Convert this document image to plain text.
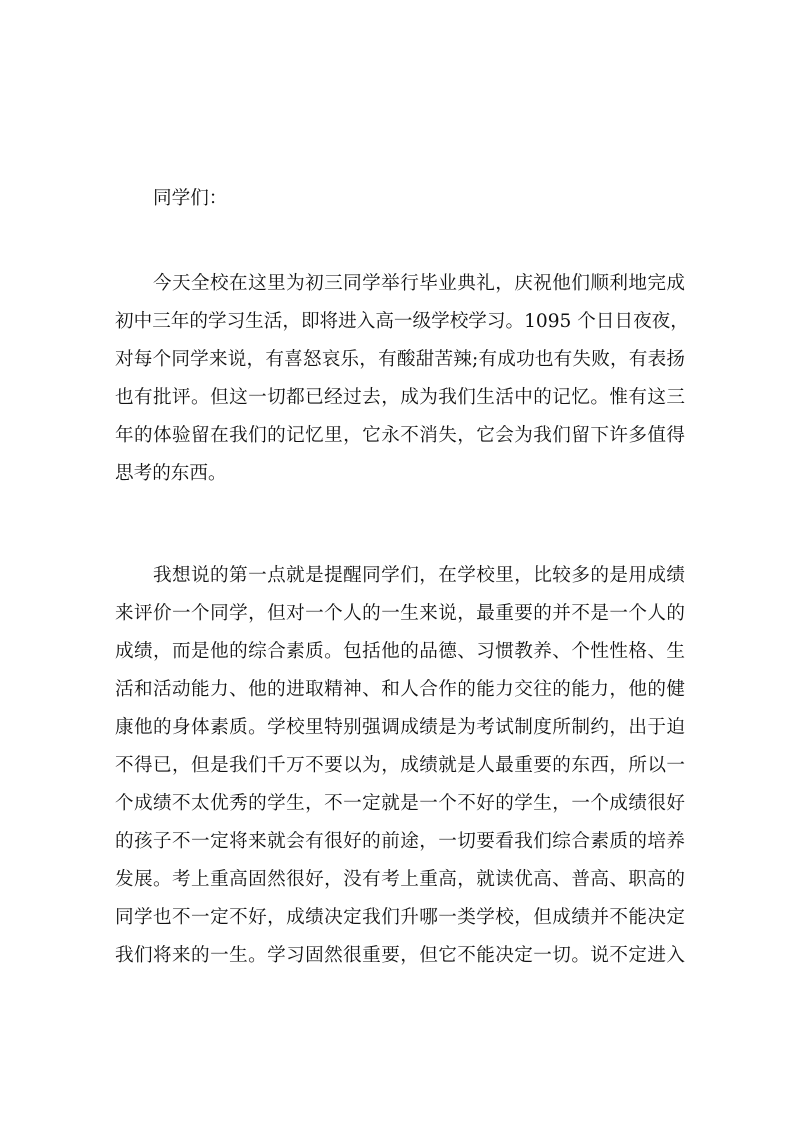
同学们：
今天全校在这里为初三同学举行毕业典礼，庆祝他们顺利地完成
初中三年的学习生活，即将进入高一级学校学习。1095 个日日夜夜，
对每个同学来说，有喜怒哀乐，有酸甜苦辣;有成功也有失败，有表扬
也有批评。但这一切都已经过去，成为我们生活中的记忆。惟有这三
年的体验留在我们的记忆里，它永不消失，它会为我们留下许多值得
思考的东西。
我想说的第一点就是提醒同学们，在学校里，比较多的是用成绩
来评价一个同学，但对一个人的一生来说，最重要的并不是一个人的
成绩，而是他的综合素质。包括他的品德、习惯教养、个性性格、生
活和活动能力、他的进取精神、和人合作的能力交往的能力，他的健
康他的身体素质。学校里特别强调成绩是为考试制度所制约，出于迫
不得已，但是我们千万不要以为，成绩就是人最重要的东西，所以一
个成绩不太优秀的学生，不一定就是一个不好的学生，一个成绩很好
的孩子不一定将来就会有很好的前途，一切要看我们综合素质的培养
发展。考上重高固然很好，没有考上重高，就读优高、普高、职高的
同学也不一定不好，成绩决定我们升哪一类学校，但成绩并不能决定
我们将来的一生。学习固然很重要，但它不能决定一切。说不定进入
